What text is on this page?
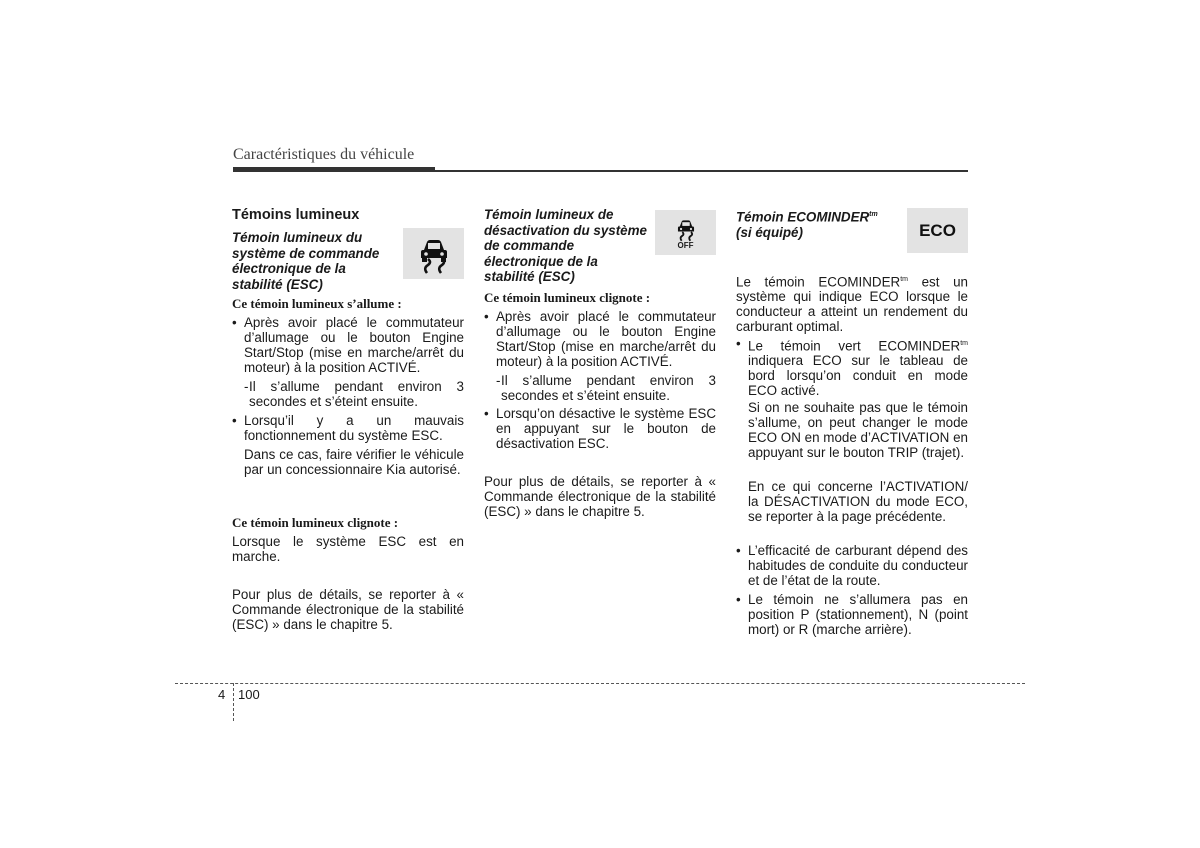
Caractéristiques du véhicule
Témoins lumineux
Témoin lumineux du système de commande électronique de la stabilité (ESC)
Ce témoin lumineux s’allume :
• Après avoir placé le commutateur d’allumage ou le bouton Engine Start/Stop (mise en marche/arrêt du moteur) à la position ACTIVÉ.
- Il s’allume pendant environ 3 secondes et s’éteint ensuite.
• Lorsqu’il y a un mauvais fonctionnement du système ESC.
Dans ce cas, faire vérifier le véhicule par un concessionnaire Kia autorisé.
Ce témoin lumineux clignote :
Lorsque le système ESC est en marche.
Pour plus de détails, se reporter à « Commande électronique de la stabilité (ESC) » dans le chapitre 5.
Témoin lumineux de désactivation du système de commande électronique de la stabilité (ESC)
OFF
Ce témoin lumineux clignote :
• Après avoir placé le commutateur d’allumage ou le bouton Engine Start/Stop (mise en marche/arrêt du moteur) à la position ACTIVÉ.
- Il s’allume pendant environ 3 secondes et s’éteint ensuite.
• Lorsqu’on désactive le système ESC en appuyant sur le bouton de désactivation ESC.
Pour plus de détails, se reporter à « Commande électronique de la stabilité (ESC) » dans le chapitre 5.
Témoin $ECOMINDER^{tm}$
(si équipé)	ECO
Le témoin $ECOMINDER^{tm}$ est un système qui indique ECO lorsque le conducteur a atteint un rendement du carburant optimal.
• Le témoin vert $ECOMINDER^{tm}$ indiquera ECO sur le tableau de bord lorsqu’on conduit en mode ECO activé.
Si on ne souhaite pas que le témoin s’allume, on peut changer le mode ECO ON en mode d’ACTIVATION en appuyant sur le bouton TRIP (trajet).
En ce qui concerne l’ACTIVATION/ la DÉSACTIVATION du mode ECO, se reporter à la page précédente.
• L’efficacité de carburant dépend des habitudes de conduite du conducteur et de l’état de la route.
• Le témoin ne s’allumera pas en position P (stationnement), N (point mort) or R (marche arrière).
4 100
